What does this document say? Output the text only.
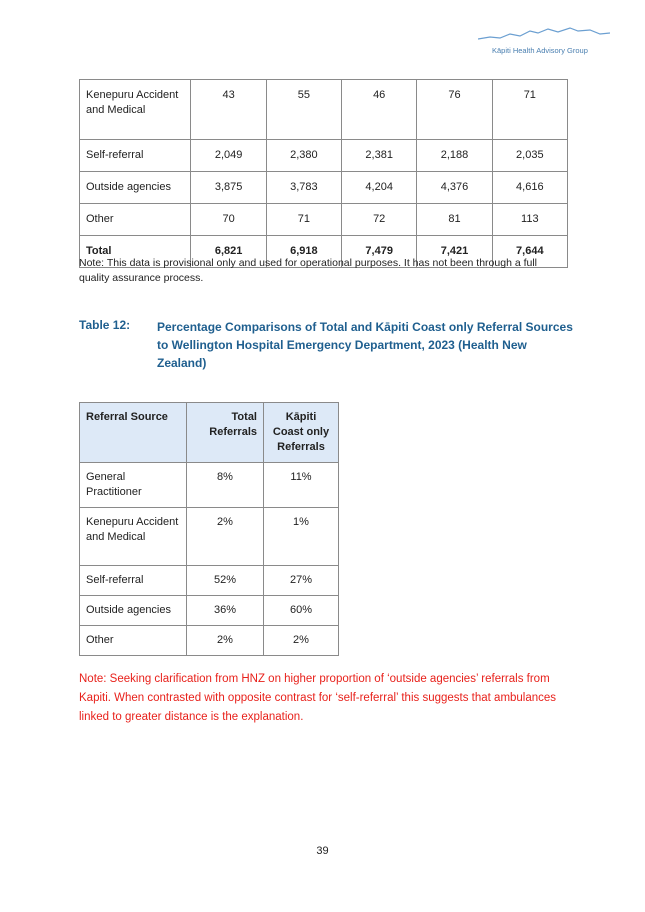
Kāpiti Health Advisory Group
Kenepuru Accident and Medical	43	55	46	76	71
Self-referral	2,049	2,380	2,381	2,188	2,035
Outside agencies	3,875	3,783	4,204	4,376	4,616
Other	70	71	72	81	113
Total	6,821	6,918	7,479	7,421	7,644
Note: This data is provisional only and used for operational purposes. It has not been through a full quality assurance process.
Table 12: Percentage Comparisons of Total and Kāpiti Coast only Referral Sources to Wellington Hospital Emergency Department, 2023 (Health New Zealand)
Referral Source	Total Referrals	Kāpiti Coast only Referrals
General Practitioner	8%	11%
Kenepuru Accident and Medical	2%	1%
Self-referral	52%	27%
Outside agencies	36%	60%
Other	2%	2%
Note: Seeking clarification from HNZ on higher proportion of ‘outside agencies’ referrals from Kapiti. When contrasted with opposite contrast for ‘self-referral’ this suggests that ambulances linked to greater distance is the explanation.
39
